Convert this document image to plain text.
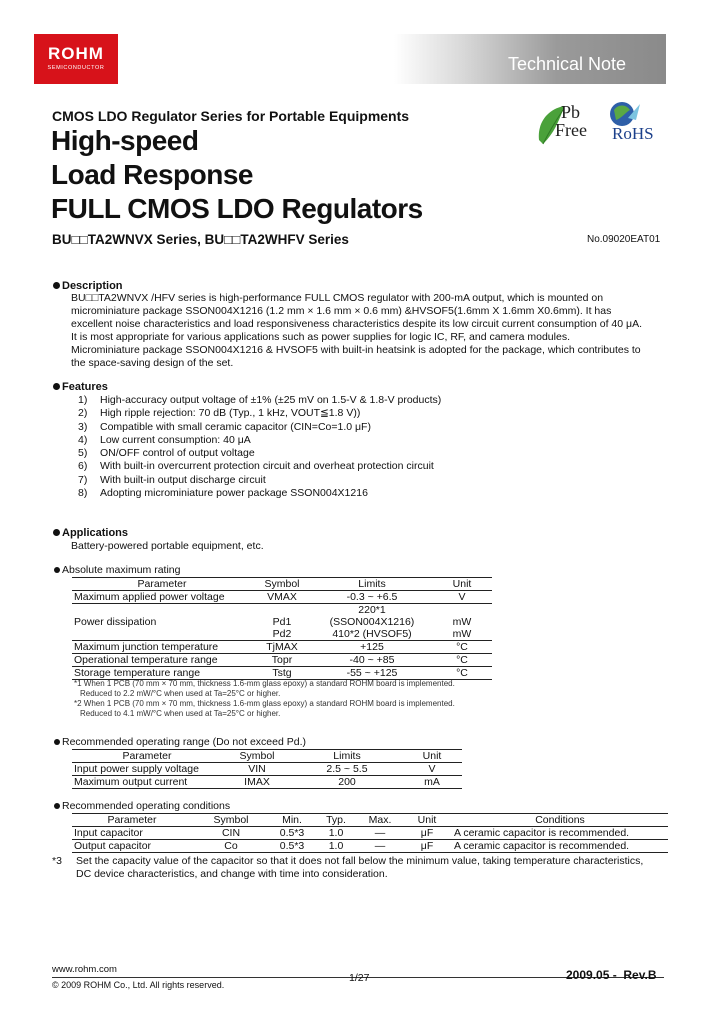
ROHM
SEMICONDUCTOR	Technical Note
Pb
Free RoHS
CMOS LDO Regulator Series for Portable Equipments
High-speed
Load Response
FULL CMOS LDO Regulators
BU□□TA2WNVX Series, BU□□TA2WHFV Series	No.09020EAT01
Description
BU□□TA2WNVX /HFV series is high-performance FULL CMOS regulator with 200-mA output, which is mounted on
microminiature package SSON004X1216 (1.2 mm × 1.6 mm × 0.6 mm) &HVSOF5(1.6mm X 1.6mm X0.6mm). It has
excellent noise characteristics and load responsiveness characteristics despite its low circuit current consumption of 40 μA.
It is most appropriate for various applications such as power supplies for logic IC, RF, and camera modules.
Microminiature package SSON004X1216 & HVSOF5 with built-in heatsink is adopted for the package, which contributes to
the space-saving design of the set.
Features
1) High-accuracy output voltage of ±1% (±25 mV on 1.5-V & 1.8-V products)
2) High ripple rejection: 70 dB (Typ., 1 kHz, VOUT≦1.8 V))
3) Compatible with small ceramic capacitor (CIN=Co=1.0 μF)
4) Low current consumption: 40 μA
5) ON/OFF control of output voltage
6) With built-in overcurrent protection circuit and overheat protection circuit
7) With built-in output discharge circuit
8) Adopting microminiature power package SSON004X1216
Applications
Battery-powered portable equipment, etc.
Absolute maximum rating
Parameter	Symbol	Limits	Unit
Maximum applied power voltage	VMAX	-0.3 ~ +6.5	V
		220*1	
Power dissipation	Pd1	(SSON004X1216)	mW
	Pd2	410*2 (HVSOF5)	mW
Maximum junction temperature	TjMAX	+125	°C
Operational temperature range	Topr	-40 ~ +85	°C
Storage temperature range	Tstg	-55 ~ +125	°C
*1 When 1 PCB (70 mm × 70 mm, thickness 1.6-mm glass epoxy) a standard ROHM board is implemented.
Reduced to 2.2 mW/°C when used at Ta=25°C or higher.
*2 When 1 PCB (70 mm × 70 mm, thickness 1.6-mm glass epoxy) a standard ROHM board is implemented.
Reduced to 4.1 mW/°C when used at Ta=25°C or higher.
Recommended operating range (Do not exceed Pd.)
Parameter	Symbol	Limits	Unit
Input power supply voltage	VIN	2.5 ~ 5.5	V
Maximum output current	IMAX	200	mA
Recommended operating conditions
Parameter	Symbol	Min.	Typ.	Max.	Unit	Conditions
Input capacitor	CIN	0.5*3	1.0	—	μF	A ceramic capacitor is recommended.
Output capacitor	Co	0.5*3	1.0	—	μF	A ceramic capacitor is recommended.
*3 Set the capacity value of the capacitor so that it does not fall below the minimum value, taking temperature characteristics,
DC device characteristics, and change with time into consideration.
www.rohm.com
© 2009 ROHM Co., Ltd. All rights reserved.
1/27	2009.05 -  Rev.B
